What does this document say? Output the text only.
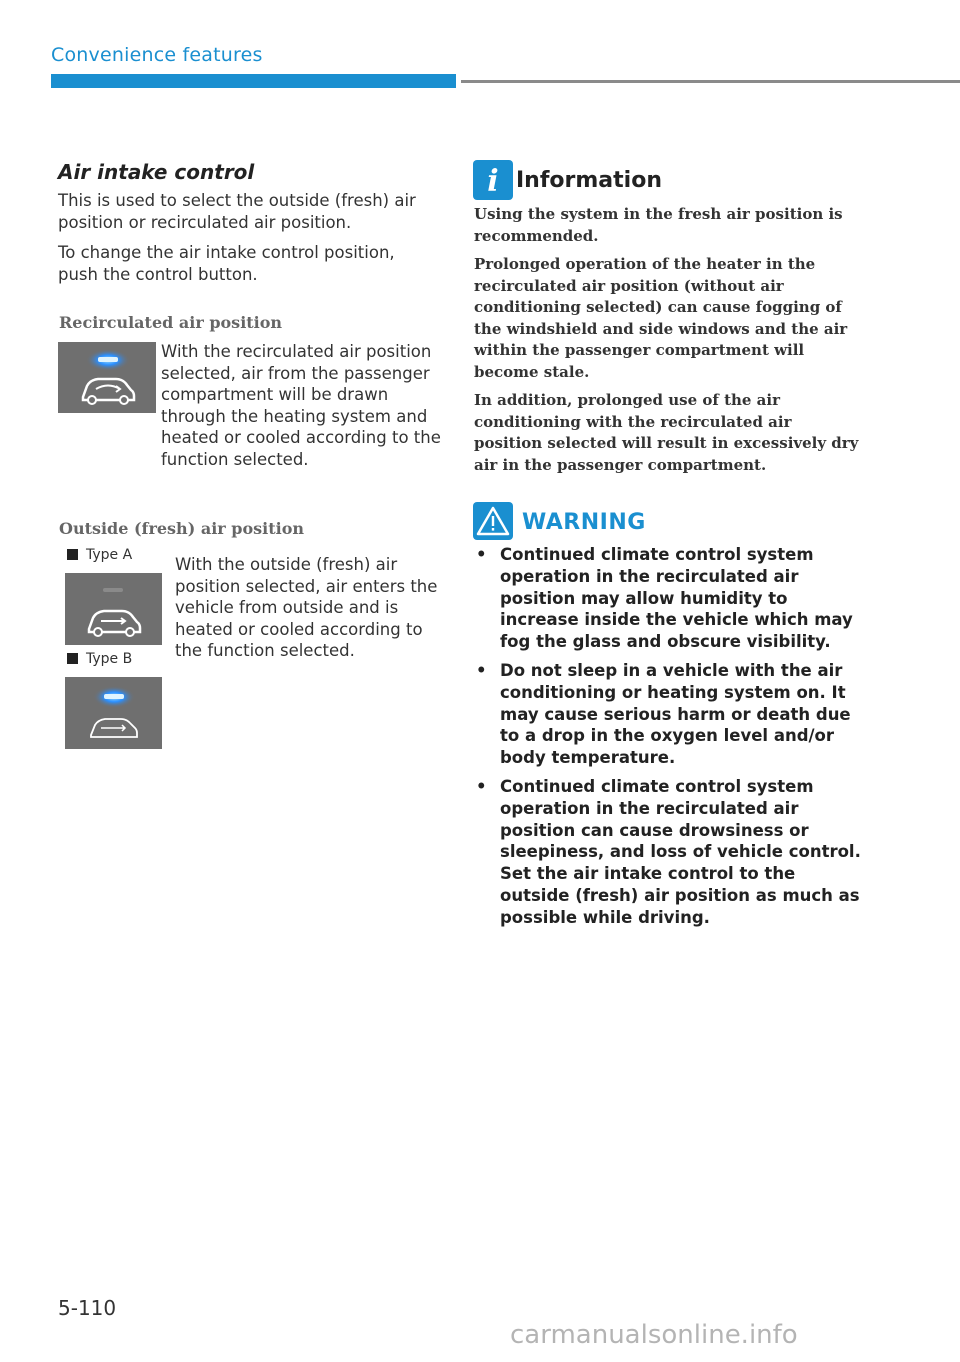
Convenience features
Air intake control

This is used to select the outside (fresh) air position or recirculated air position.

To change the air intake control position, push the control button.

Recirculated air position
With the recirculated air position selected, air from the passenger compartment will be drawn through the heating system and heated or cooled according to the function selected.
Outside (fresh) air position
Type A
Type B
With the outside (fresh) air position selected, air enters the vehicle from outside and is heated or cooled according to the function selected.
i Information

Using the system in the fresh air position is recommended.

Prolonged operation of the heater in the recirculated air position (without air conditioning selected) can cause fogging of the windshield and side windows and the air within the passenger compartment will become stale.

In addition, prolonged use of the air conditioning with the recirculated air position selected will result in excessively dry air in the passenger compartment.

WARNING
• Continued climate control system operation in the recirculated air position may allow humidity to increase inside the vehicle which may fog the glass and obscure visibility.
• Do not sleep in a vehicle with the air conditioning or heating system on. It may cause serious harm or death due to a drop in the oxygen level and/or body temperature.
• Continued climate control system operation in the recirculated air position can cause drowsiness or sleepiness, and loss of vehicle control. Set the air intake control to the outside (fresh) air position as much as possible while driving.
5-110
carmanualsonline.info
